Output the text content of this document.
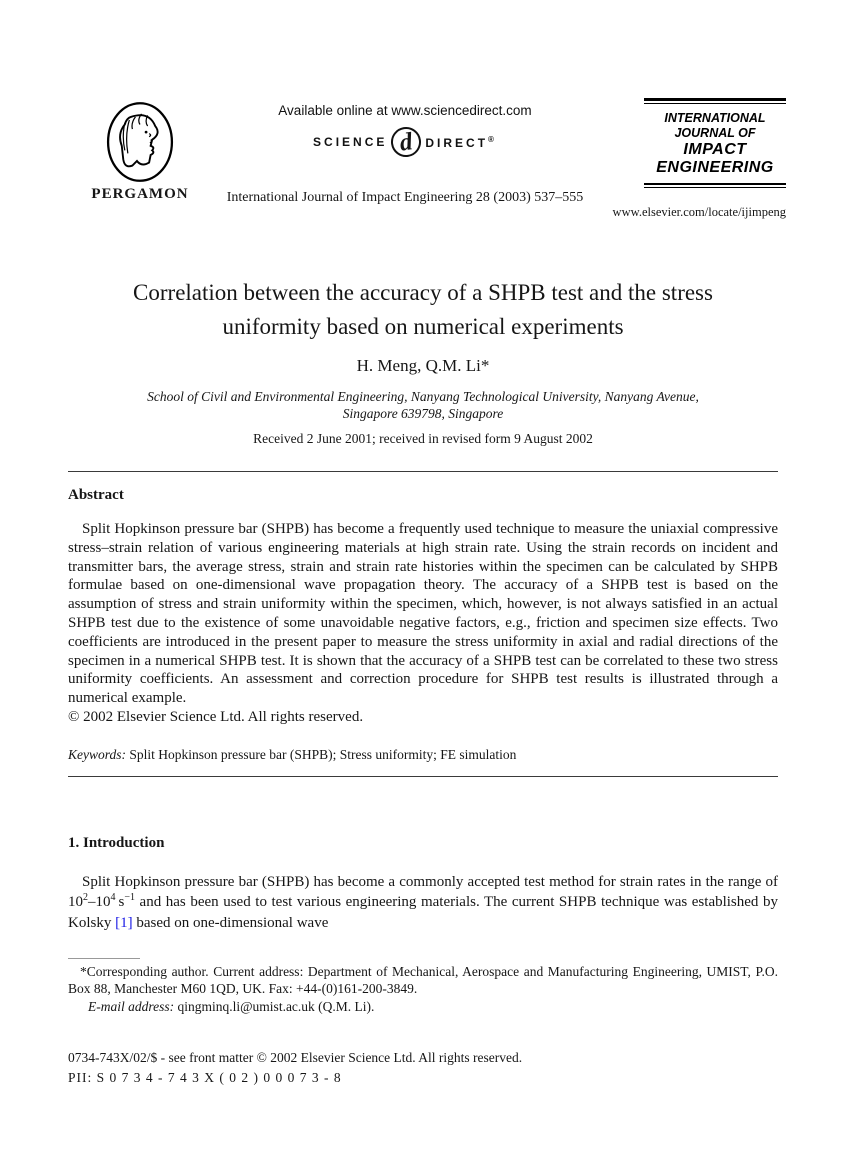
PERGAMON
Available online at www.sciencedirect.com
SCIENCE d DIRECT®
International Journal of Impact Engineering 28 (2003) 537–555
INTERNATIONAL
JOURNAL OF
IMPACT
ENGINEERING
www.elsevier.com/locate/ijimpeng
Correlation between the accuracy of a SHPB test and the stress
uniformity based on numerical experiments
H. Meng, Q.M. Li*
School of Civil and Environmental Engineering, Nanyang Technological University, Nanyang Avenue,
Singapore 639798, Singapore
Received 2 June 2001; received in revised form 9 August 2002
Abstract

Split Hopkinson pressure bar (SHPB) has become a frequently used technique to measure the uniaxial compressive stress–strain relation of various engineering materials at high strain rate. Using the strain records on incident and transmitter bars, the average stress, strain and strain rate histories within the specimen can be calculated by SHPB formulae based on one-dimensional wave propagation theory. The accuracy of a SHPB test is based on the assumption of stress and strain uniformity within the specimen, which, however, is not always satisfied in an actual SHPB test due to the existence of some unavoidable negative factors, e.g., friction and specimen size effects. Two coefficients are introduced in the present paper to measure the stress uniformity in axial and radial directions of the specimen in a numerical SHPB test. It is shown that the accuracy of a SHPB test can be correlated to these two stress uniformity coefficients. An assessment and correction procedure for SHPB test results is illustrated through a numerical example.

© 2002 Elsevier Science Ltd. All rights reserved.
Keywords: Split Hopkinson pressure bar (SHPB); Stress uniformity; FE simulation
1. Introduction

Split Hopkinson pressure bar (SHPB) has become a commonly accepted test method for strain rates in the range of $10^2-10^4$ $s^{-1}$ and has been used to test various engineering materials. The current SHPB technique was established by Kolsky [1] based on one-dimensional wave

*Corresponding author. Current address: Department of Mechanical, Aerospace and Manufacturing Engineering, UMIST, P.O. Box 88, Manchester M60 1QD, UK. Fax: +44-(0)161-200-3849.
E-mail address: qingminq.li@umist.ac.uk (Q.M. Li).
0734-743X/02/$ - see front matter © 2002 Elsevier Science Ltd. All rights reserved.
PII: S 0 7 3 4 - 7 4 3 X ( 0 2 ) 0 0 0 7 3 - 8
